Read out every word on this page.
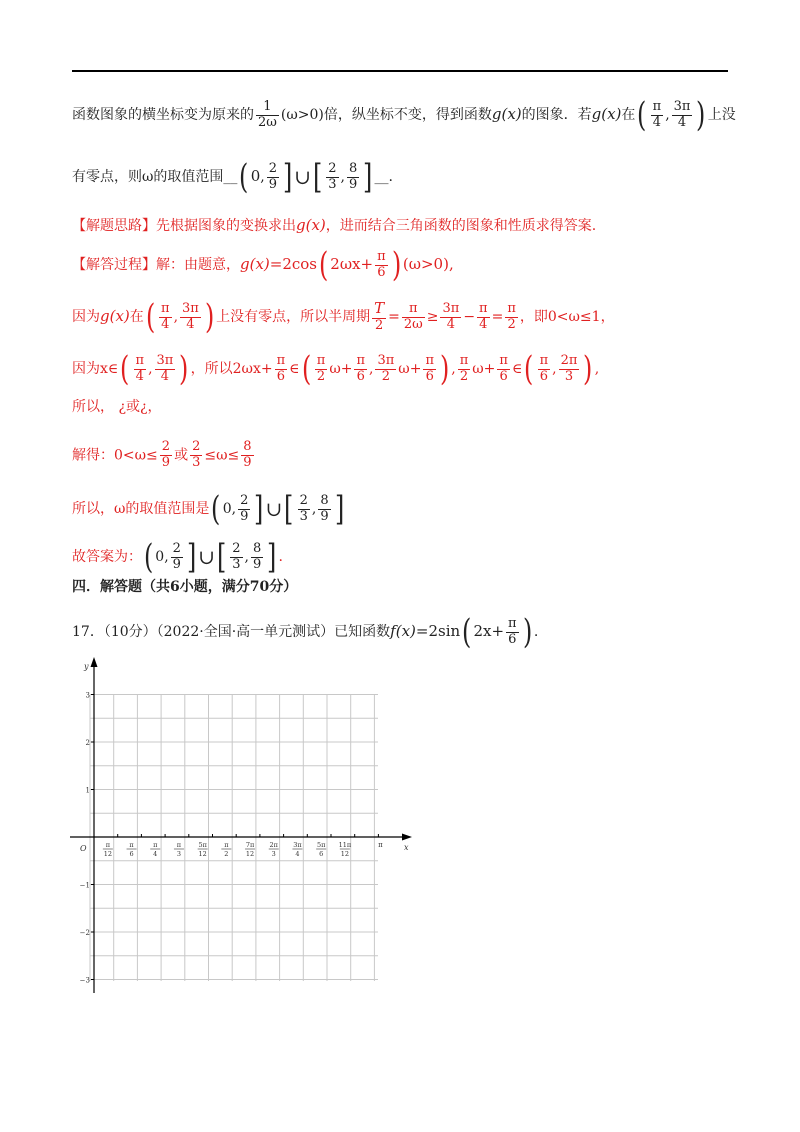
函数图象的横坐标变为原来的 $\frac{1}{2\omega} (\omega>0)$倍，纵坐标不变，得到函数g(x)的图象．若g(x)在( $\frac{\pi}{4}$ , $\frac{3\pi}{4}$ ) 上没
有零点，则ω的取值范围__( 0, $\frac{2}{9}$ ]∪[ $\frac{2}{3}$ , $\frac{8}{9}$ ] __.
【解题思路】先根据图象的变换求出g(x)，进而结合三角函数的图象和性质求得答案.
【解答过程】解：由题意，g(x)=2cos( $2\omega x+ \frac{\pi}{6}$ ) (ω>0),
因为g(x)在( $\frac{\pi}{4}$ , $\frac{3\pi}{4}$ ) 上没有零点，所以半周期 $\frac{T}{2} = \frac{\pi}{2\omega} \ge \frac{3\pi}{4} - \frac{\pi}{4} = \frac{\pi}{2}$ ，即0<ω≤1，
因为x∈( $\frac{\pi}{4}$ , $\frac{3\pi}{4}$ ) ，所以$2\omega x+ \frac{\pi}{6}$ ∈( $\frac{\pi}{2} \omega+ \frac{\pi}{6}$ , $\frac{3\pi}{2} \omega+ \frac{\pi}{6}$ ) , $\frac{\pi}{2} \omega+ \frac{\pi}{6}$ ∈( $\frac{\pi}{6}$ , $\frac{2\pi}{3}$ ) ,
所以， ¿或¿，
解得：$0<\omega\le \frac{2}{9}$ 或 $\frac{2}{3} \le\omega\le \frac{8}{9}$
所以，ω的取值范围是( 0, $\frac{2}{9}$ ]∪[ $\frac{2}{3}$ , $\frac{8}{9}$ ]
故答案为：( 0, $\frac{2}{9}$ ]∪[ $\frac{2}{3}$ , $\frac{8}{9}$ ] .
四．解答题（共6小题，满分70分）
17．（10分）（2022·全国·高一单元测试）已知函数f(x)=2sin( $2x+ \frac{\pi}{6}$ ) .
x
y
O
3
2
1
−1
−2
−3
π
12
π
6
π
4
π
3
5π
12
π
2
7π
12
2π
3
3π
4
5π
6
11π
12
π
